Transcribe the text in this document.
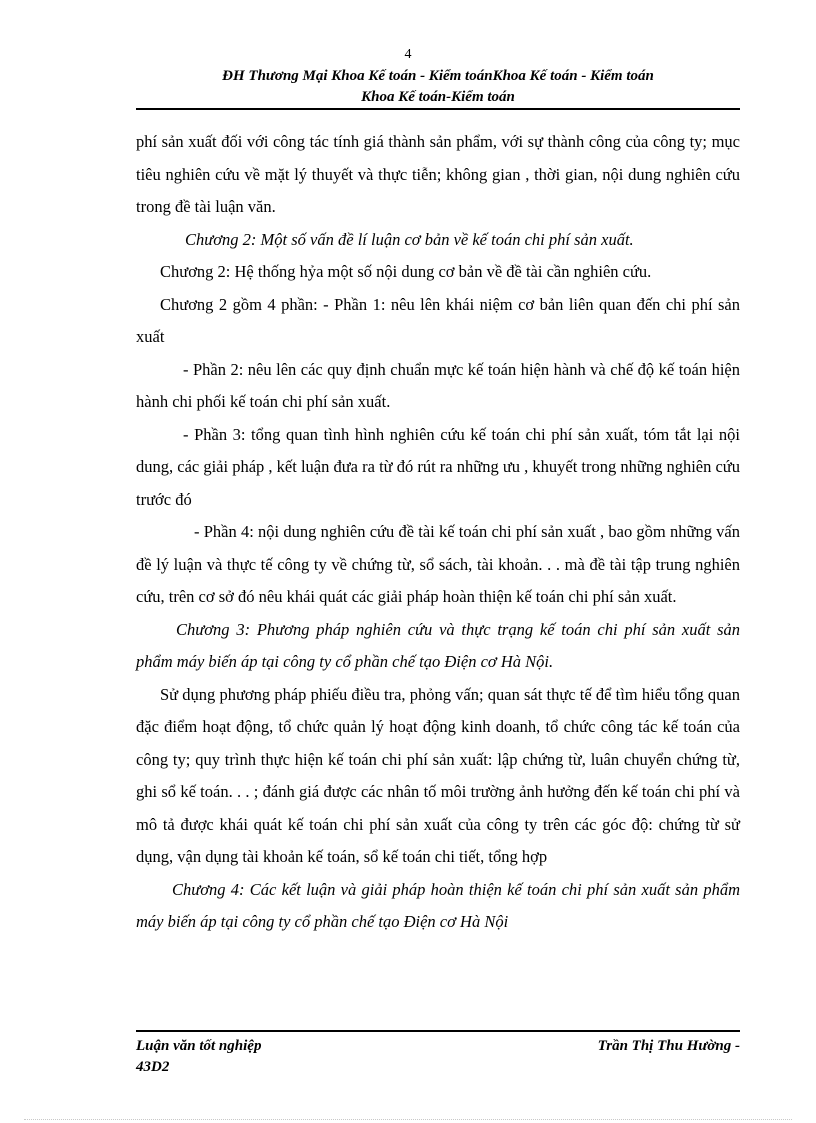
4
ĐH Thương Mại Khoa Kế toán - Kiểm toánKhoa Kế toán - Kiểm toán
Khoa Kế toán-Kiểm toán

phí sản xuất đối với công tác tính giá thành sản phẩm, với sự thành công của công ty; mục tiêu nghiên cứu về mặt lý thuyết và thực tiễn; không gian , thời gian, nội dung nghiên cứu trong đề tài luận văn.

Chương 2: Một số vấn đề lí luận cơ bản về kế toán chi phí sản xuất.

Chương 2: Hệ thống hỷa một số nội dung cơ bản về đề tài cần nghiên cứu.

Chương 2 gồm 4 phần: - Phần 1: nêu lên khái niệm cơ bản liên quan đến chi phí sản xuất

- Phần 2: nêu lên các quy định chuẩn mực kế toán hiện hành và chế độ kế toán hiện hành chi phối kế toán chi phí sản xuất.

- Phần 3: tổng quan tình hình nghiên cứu kế toán chi phí sản xuất, tóm tắt lại nội dung, các giải pháp , kết luận đưa ra từ đó rút ra những ưu , khuyết trong những nghiên cứu trước đó

- Phần 4: nội dung nghiên cứu đề tài kế toán chi phí sản xuất , bao gồm những vấn đề lý luận và thực tế công ty về chứng từ, sổ sách, tài khoản. . . mà đề tài tập trung nghiên cứu, trên cơ sở đó nêu khái quát các giải pháp hoàn thiện kế toán chi phí sản xuất.

Chương 3: Phương pháp nghiên cứu và thực trạng kế toán chi phí sản xuất sản phẩm máy biến áp tại công ty cổ phần chế tạo Điện cơ Hà Nội.

Sử dụng phương pháp phiếu điều tra, phỏng vấn; quan sát thực tế để tìm hiểu tổng quan đặc điểm hoạt động, tổ chức quản lý hoạt động kinh doanh, tổ chức công tác kế toán của công ty; quy trình thực hiện kế toán chi phí sản xuất: lập chứng từ, luân chuyển chứng từ, ghi sổ kế toán. . . ; đánh giá được các nhân tố môi trường ảnh hưởng đến kế toán chi phí và mô tả được khái quát kế toán chi phí sản xuất của công ty trên các góc độ: chứng từ sử dụng, vận dụng tài khoản kế toán, sổ kế toán chi tiết, tổng hợp

Chương 4: Các kết luận và giải pháp hoàn thiện kế toán chi phí sản xuất sản phẩm máy biến áp tại công ty cổ phần chế tạo Điện cơ Hà Nội

Luận văn tốt nghiệp
43D2
Trần Thị Thu Hường -
